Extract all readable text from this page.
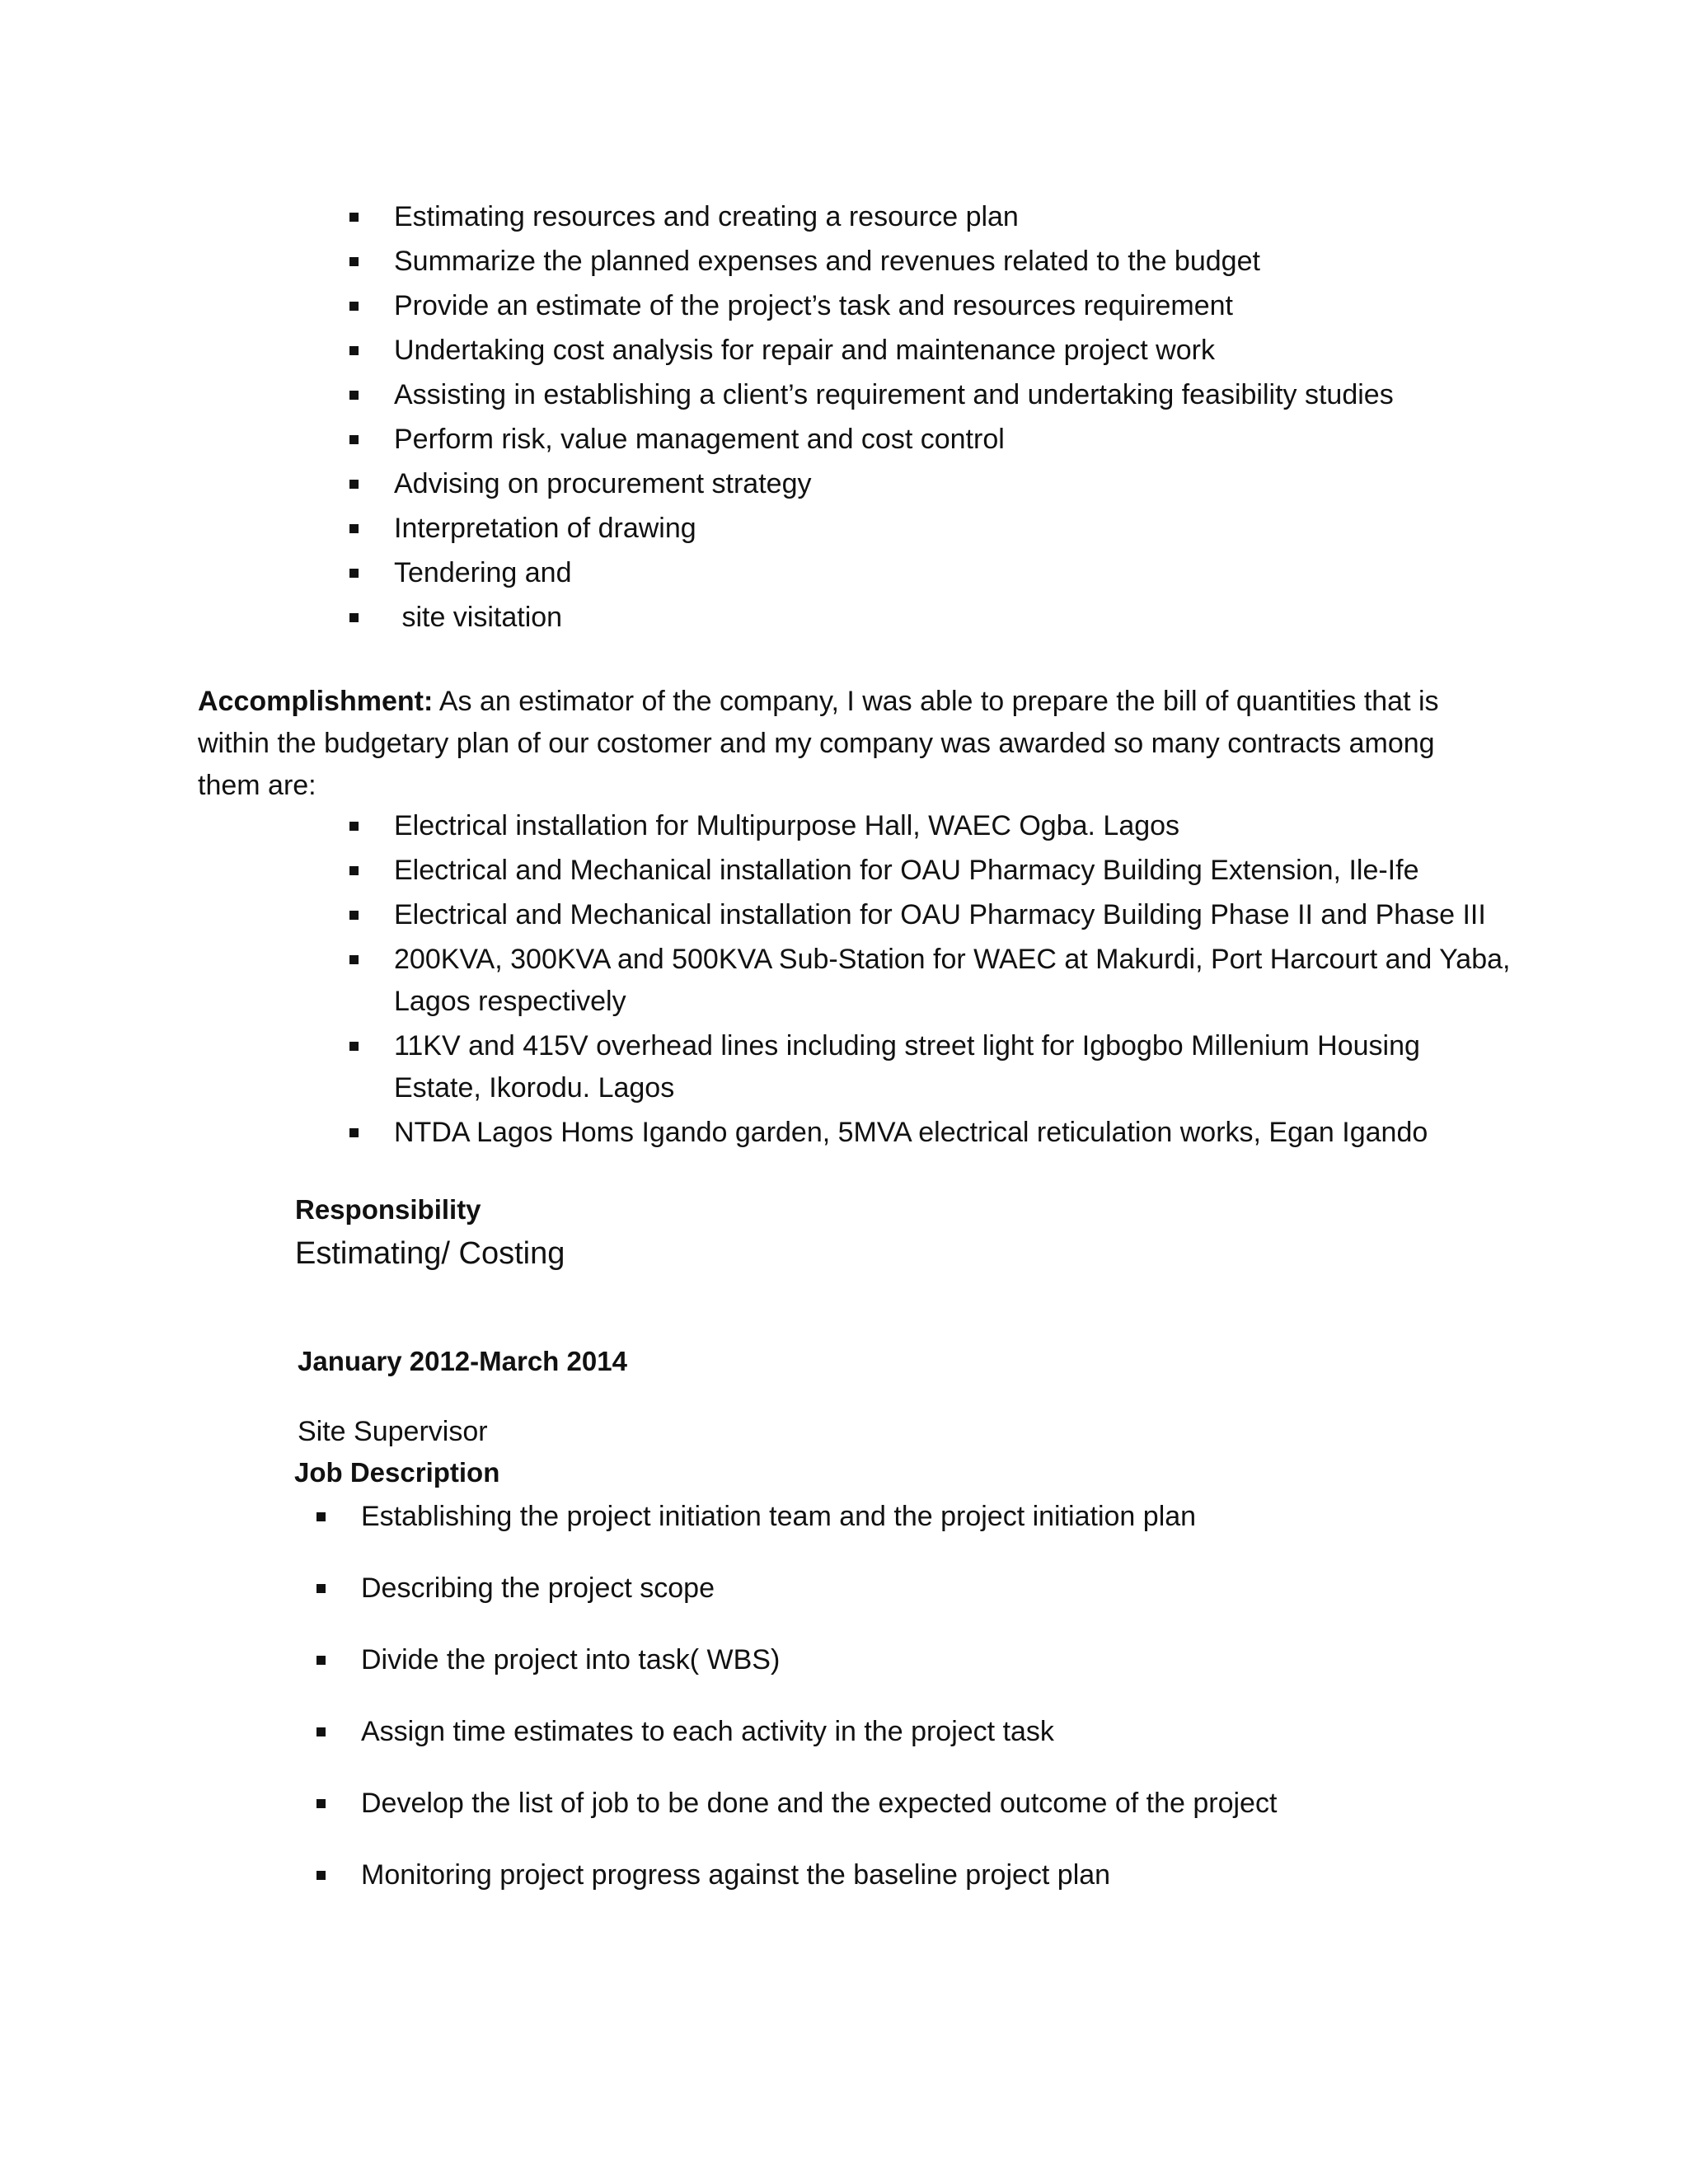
Estimating resources and creating a resource plan
Summarize the planned expenses and revenues related to the budget
Provide an estimate of the project’s task and resources requirement
Undertaking cost analysis for repair and maintenance project work
Assisting in establishing a client’s requirement and undertaking feasibility studies
Perform risk, value management and cost control
Advising on procurement strategy
Interpretation of drawing
Tendering and
site visitation

Accomplishment: As an estimator of the company, I was able to prepare the bill of quantities that is within the budgetary plan of our costomer and my company was awarded so many contracts among them are:

Electrical installation for Multipurpose Hall, WAEC Ogba. Lagos
Electrical and Mechanical installation for OAU Pharmacy Building Extension, Ile-Ife
Electrical and Mechanical installation for OAU Pharmacy Building Phase II and Phase III
200KVA, 300KVA and 500KVA Sub-Station for WAEC at Makurdi, Port Harcourt and Yaba, Lagos respectively
11KV and 415V overhead lines including street light for Igbogbo Millenium Housing Estate, Ikorodu. Lagos
NTDA Lagos Homs Igando garden, 5MVA electrical reticulation works, Egan Igando

Responsibility

Estimating/ Costing

January 2012-March 2014

Site Supervisor

Job Description

Establishing the project initiation team and the project initiation plan
Describing the project scope
Divide the project into task( WBS)
Assign time estimates to each activity in the project task
Develop the list of job to be done and the expected outcome of the project
Monitoring project progress against the baseline project plan
